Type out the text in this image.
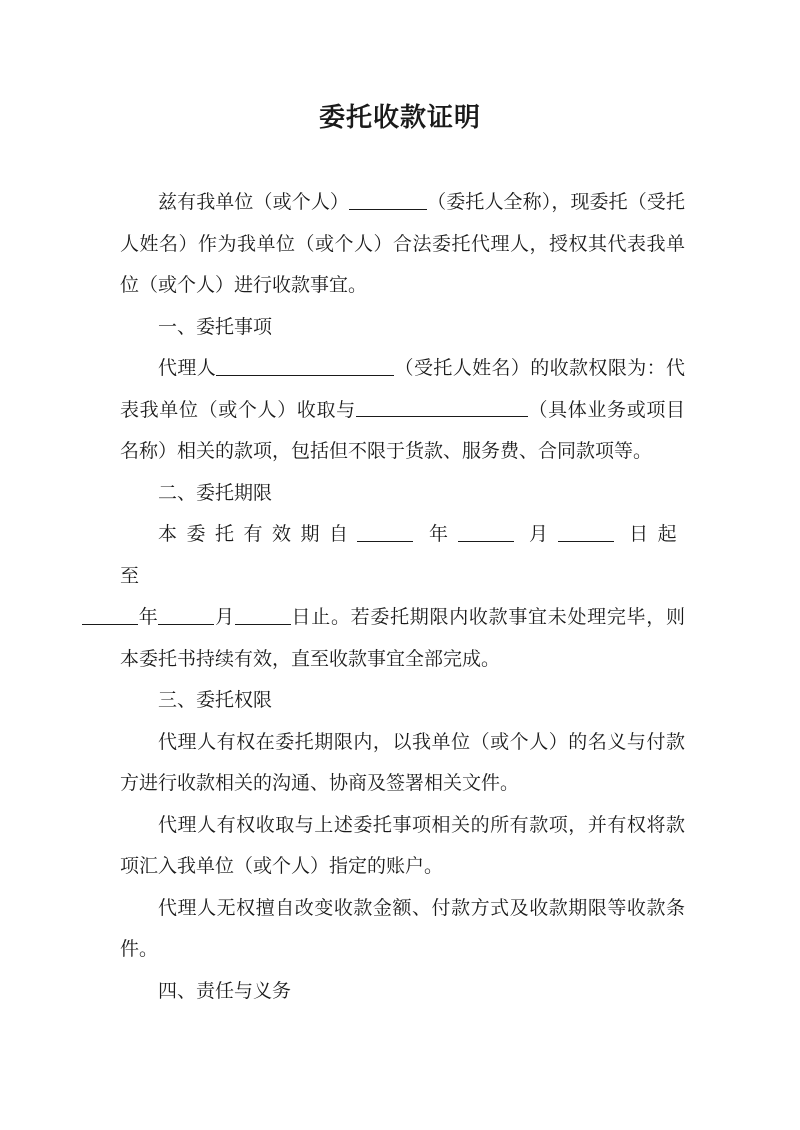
委托收款证明

兹有我单位（或个人）	（委托人全称），现委托（受托人姓名）作为我单位（或个人）合法委托代理人，授权其代表我单位（或个人）进行收款事宜。

一、委托事项

代理人	（受托人姓名）的收款权限为：代表我单位（或个人）收取与	（具体业务或项目名称）相关的款项，包括但不限于货款、服务费、合同款项等。

二、委托期限

本委托有效期自	年	月	日起至
年	月	日止。若委托期限内收款事宜未处理完毕，则本委托书持续有效，直至收款事宜全部完成。

三、委托权限

代理人有权在委托期限内，以我单位（或个人）的名义与付款方进行收款相关的沟通、协商及签署相关文件。

代理人有权收取与上述委托事项相关的所有款项，并有权将款项汇入我单位（或个人）指定的账户。

代理人无权擅自改变收款金额、付款方式及收款期限等收款条件。

四、责任与义务
